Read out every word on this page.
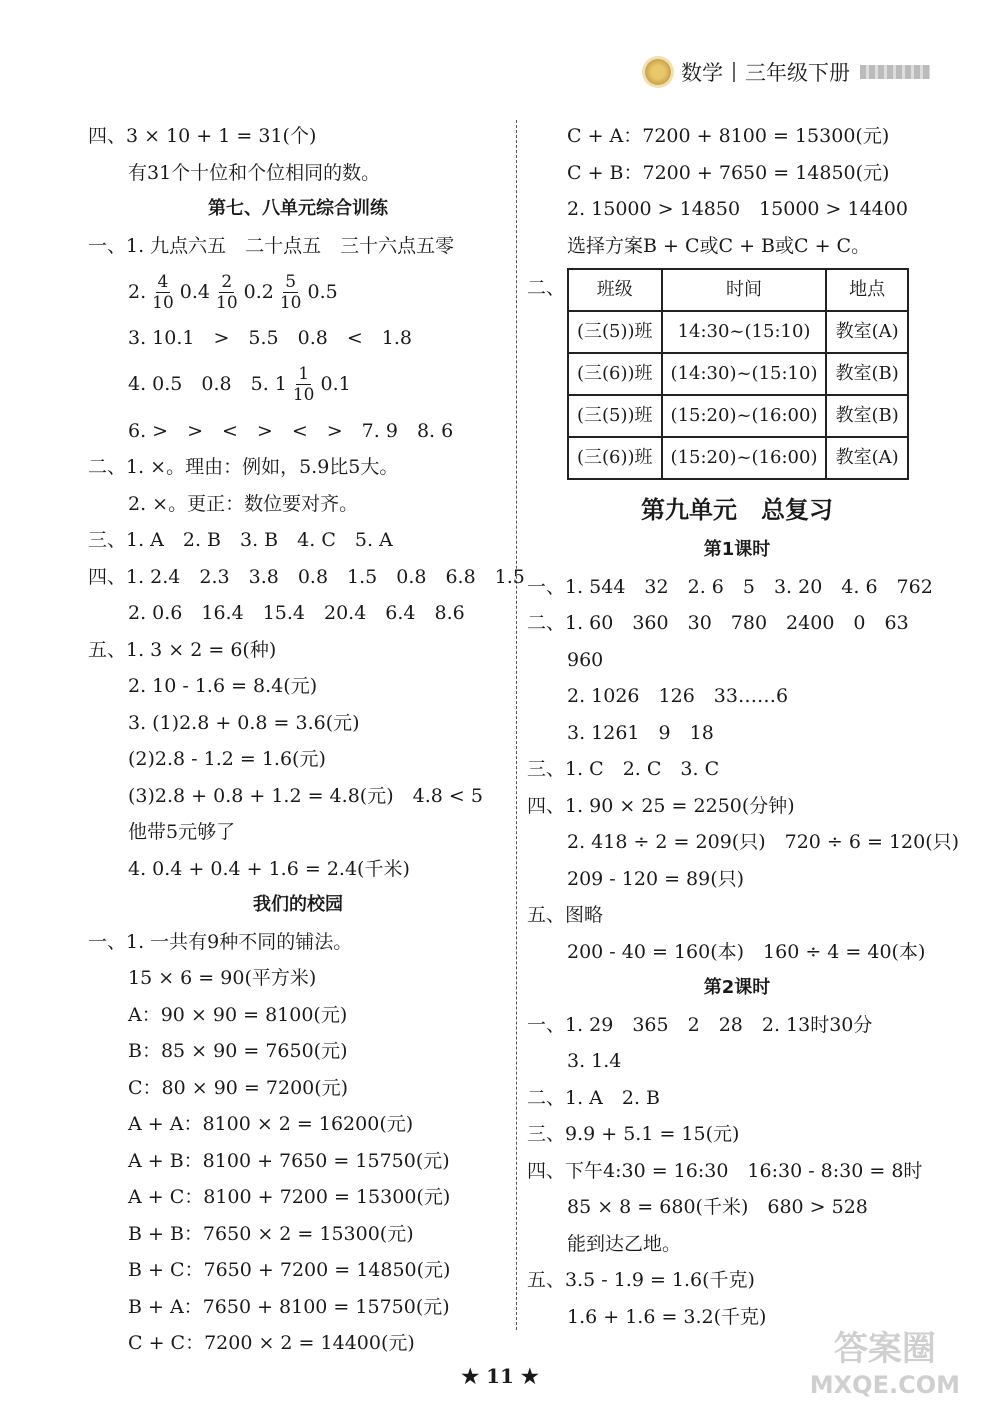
数学 三年级下册
四、3 × 10 + 1 = 31(个)
有31个十位和个位相同的数。
第七、八单元综合训练
一、1. 九点六五　二十点五　三十六点五零
2. $\frac{4}{10} 0.4 \frac{2}{10} 0.2 \frac{5}{10} 0.5$
3. 10.1　>　5.5　0.8　<　1.8
4. 0.5　0.8　5. $1 \frac{1}{10} 0.1$
6. >　>　<　>　<　>　7. 9　8. 6
二、1. ×。理由：例如，5.9比5大。
2. ×。更正：数位要对齐。
三、1. A　2. B　3. B　4. C　5. A
四、1. 2.4　2.3　3.8　0.8　1.5　0.8　6.8　1.5
2. 0.6　16.4　15.4　20.4　6.4　8.6
五、1. 3 × 2 = 6(种)
2. 10 - 1.6 = 8.4(元)
3. (1)2.8 + 0.8 = 3.6(元)
(2)2.8 - 1.2 = 1.6(元)
(3)2.8 + 0.8 + 1.2 = 4.8(元)　4.8 < 5
他带5元够了
4. 0.4 + 0.4 + 1.6 = 2.4(千米)
我们的校园
一、1. 一共有9种不同的铺法。
15 × 6 = 90(平方米)
A：90 × 90 = 8100(元)
B：85 × 90 = 7650(元)
C：80 × 90 = 7200(元)
A + A：8100 × 2 = 16200(元)
A + B：8100 + 7650 = 15750(元)
A + C：8100 + 7200 = 15300(元)
B + B：7650 × 2 = 15300(元)
B + C：7650 + 7200 = 14850(元)
B + A：7650 + 8100 = 15750(元)
C + C：7200 × 2 = 14400(元)
C + A：7200 + 8100 = 15300(元)
C + B：7200 + 7650 = 14850(元)
2. 15000 > 14850　15000 > 14400
选择方案B + C或C + B或C + C。
二、 班级	时间	地点
(三(5))班	14:30~(15:10)	教室(A)
(三(6))班	(14:30)~(15:10)	教室(B)
(三(5))班	(15:20)~(16:00)	教室(B)
(三(6))班	(15:20)~(16:00)	教室(A)
第九单元　总复习
第1课时
一、1. 544　32　2. 6　5　3. 20　4. 6　762
二、1. 60　360　30　780　2400　0　63
960
2. 1026　126　33……6
3. 1261　9　18
三、1. C　2. C　3. C
四、1. 90 × 25 = 2250(分钟)
2. 418 ÷ 2 = 209(只)　720 ÷ 6 = 120(只)
209 - 120 = 89(只)
五、图略
200 - 40 = 160(本)　160 ÷ 4 = 40(本)
第2课时
一、1. 29　365　2　28　2. 13时30分
3. 1.4
二、1. A　2. B
三、9.9 + 5.1 = 15(元)
四、下午4:30 = 16:30　16:30 - 8:30 = 8时
85 × 8 = 680(千米)　680 > 528
能到达乙地。
五、3.5 - 1.9 = 1.6(千克)
1.6 + 1.6 = 3.2(千克)
★ 11 ★
答案圈
MXQE.COM
